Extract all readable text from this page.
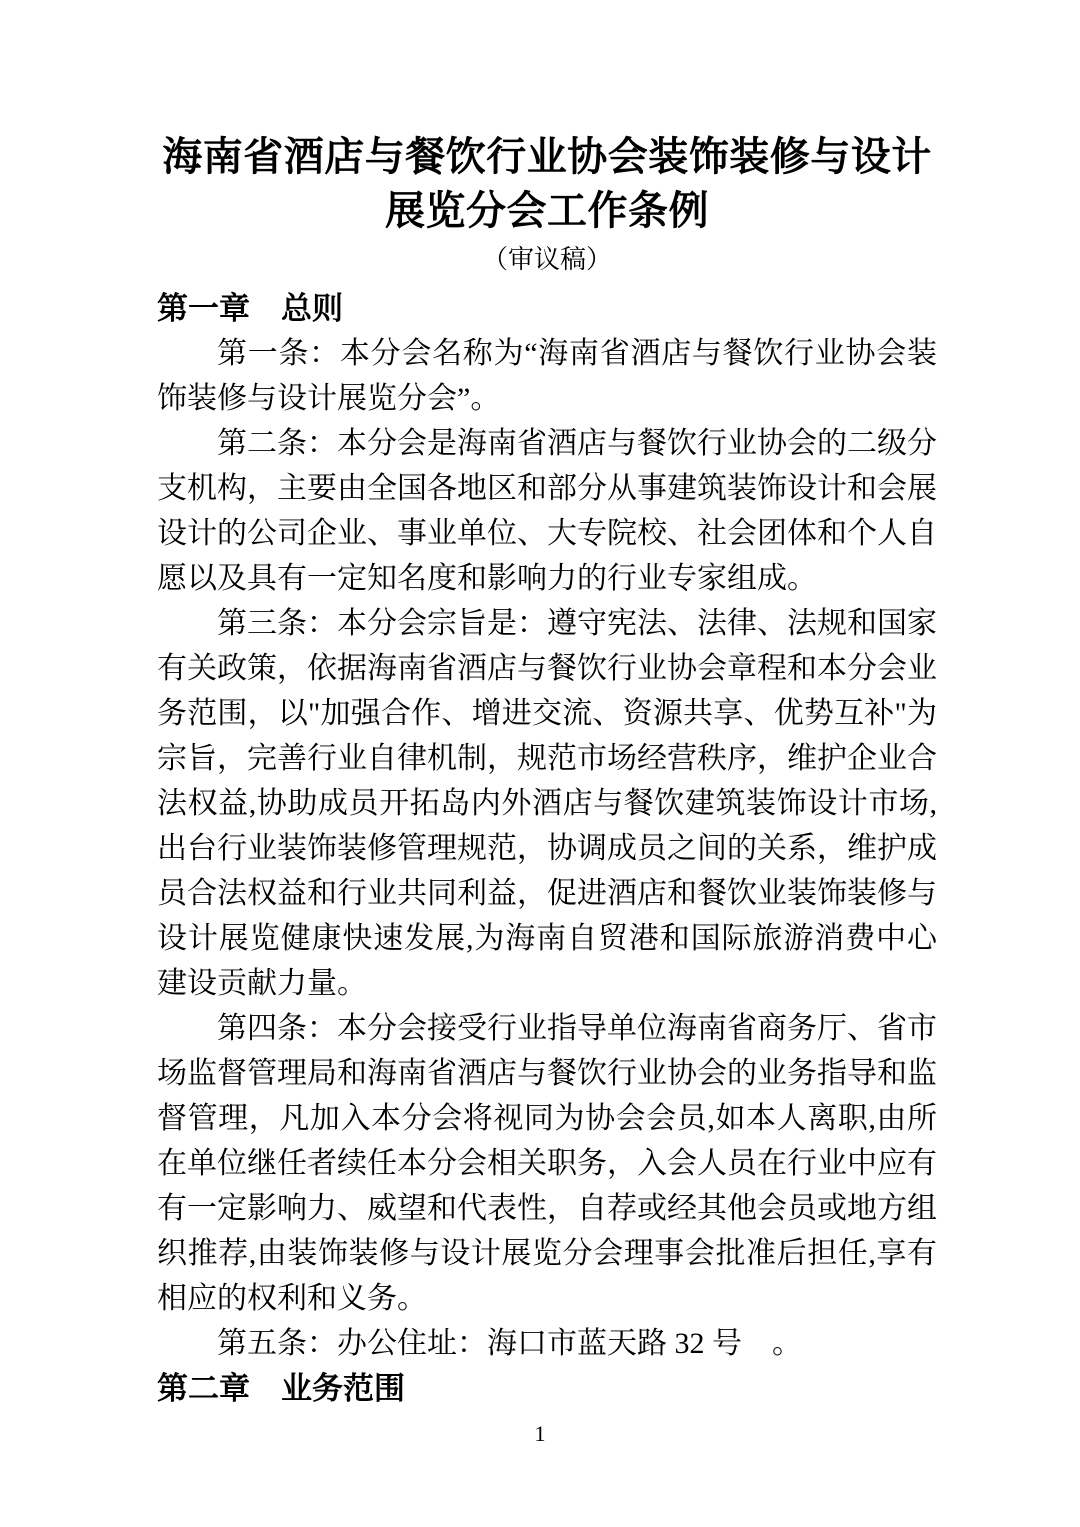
海南省酒店与餐饮行业协会装饰装修与设计
展览分会工作条例
（审议稿）
第一章　总则

第一条：本分会名称为“海南省酒店与餐饮行业协会装饰装修与设计展览分会”。

第二条：本分会是海南省酒店与餐饮行业协会的二级分支机构，主要由全国各地区和部分从事建筑装饰设计和会展设计的公司企业、事业单位、大专院校、社会团体和个人自愿以及具有一定知名度和影响力的行业专家组成。

第三条：本分会宗旨是：遵守宪法、法律、法规和国家有关政策，依据海南省酒店与餐饮行业协会章程和本分会业务范围，以"加强合作、增进交流、资源共享、优势互补"为宗旨，完善行业自律机制，规范市场经营秩序，维护企业合法权益,协助成员开拓岛内外酒店与餐饮建筑装饰设计市场,出台行业装饰装修管理规范，协调成员之间的关系，维护成员合法权益和行业共同利益，促进酒店和餐饮业装饰装修与设计展览健康快速发展,为海南自贸港和国际旅游消费中心建设贡献力量。

第四条：本分会接受行业指导单位海南省商务厅、省市场监督管理局和海南省酒店与餐饮行业协会的业务指导和监督管理，凡加入本分会将视同为协会会员,如本人离职,由所在单位继任者续任本分会相关职务，入会人员在行业中应有有一定影响力、威望和代表性，自荐或经其他会员或地方组织推荐,由装饰装修与设计展览分会理事会批准后担任,享有相应的权利和义务。

第五条：办公住址：海口市蓝天路 32 号　。

第二章　业务范围
1
